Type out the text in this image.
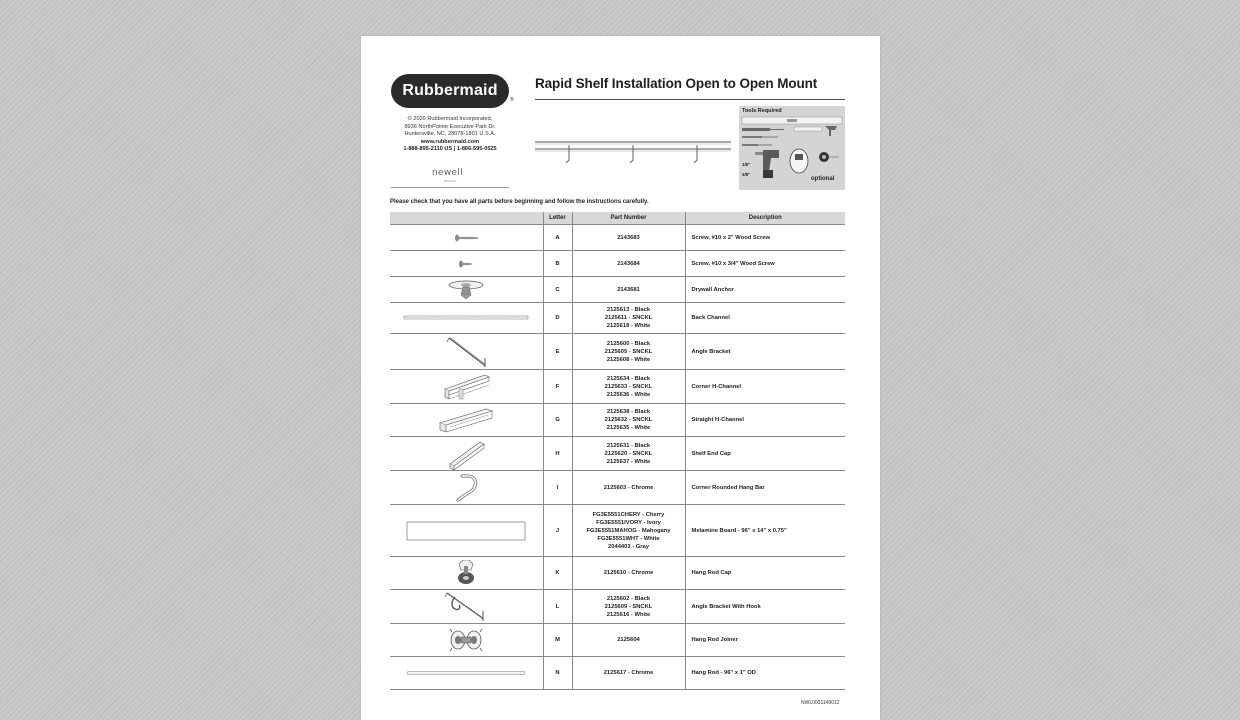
Rubbermaid
®
© 2020 Rubbermaid Incorporated,
8936 NorthPointe Executive Park Dr.
Huntersville, NC, 28078-1801 U.S.A.
www.rubbermaid.com
1-888-895-2110 US | 1-866-595-0525
newell
BRANDS
Rapid Shelf Installation Open to Open Mount
Tools Required
1/8"
3/8"
optional
Please check that you have all parts before beginning and follow the instructions carefully.
	Letter	Part Number	Description

	A	2143683	Screw, #10 x 2" Wood Screw

	B	2143684	Screw, #10 x 3/4" Wood Screw

	C	2143681	Drywall Anchor

	D	2125613 - Black
2125611 - SNCKL
2125618 - White	Back Channel

	E	2125600 - Black
2125605 - SNCKL
2125608 - White	Angle Bracket

	F	2125634 - Black
2125633 - SNCKL
2125636 - White	Corner H-Channel

	G	2125638 - Black
2125632 - SNCKL
2125635 - White	Straight H-Channel

	H	2125631 - Black
2125620 - SNCKL
2125637 - White	Shelf End Cap

	I	2125603 - Chrome	Corner Rounded Hang Bar

	J	FG3E5551CHERY - Cherry
FG3E5551IVORY - Ivory
FG3E5551MAHOG - Mahogany
FG3E5551WHT - White
2044403 - Gray	Melamine Board - 96" x 14" x 0.75"

	K	2125610 - Chrome	Hang Rod Cap

	L	2125602 - Black
2125609 - SNCKL
2125616 - White	Angle Bracket With Hook

	M	2125604	Hang Rod Joiner

	N	2125617 - Chrome	Hang Rod - 96" x 1" OD
NWL0001149012
